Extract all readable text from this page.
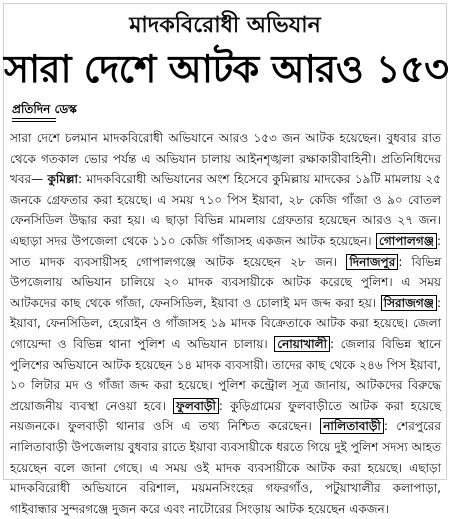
মাদকবিরোধী অভিযান
সারা দেশে আটক আরও ১৫৩
প্রতিদিন ডেস্ক
সারা দেশে চলমান মাদকবিরোধী অভিযানে আরও ১৫৩ জন আটক হয়েছেন। বুধবার রাত থেকে গতকাল ভোর পর্যন্ত এ অভিযান চালায় আইনশৃঙ্খলা রক্ষাকারীবাহিনী। প্রতিনিধিদের খবর— কুমিল্লা: মাদকবিরোধী অভিযানের অংশ হিসেবে কুমিল্লায় মাদকের ১৯টি মামলায় ২৫ জনকে গ্রেফতার করা হয়েছে। এ সময় ৭১০ পিস ইয়াবা, ২৮ কেজি গাঁজা ও ৯০ বোতল ফেনসিডিল উদ্ধার করা হয়। এ ছাড়া বিভিন্ন মামলায় গ্রেফতার হয়েছেন আরও ২৭ জন। এছাড়া সদর উপজেলা থেকে ১১০ কেজি গাঁজাসহ একজন আটক হয়েছেন। গোপালগঞ্জ : সাত মাদক ব্যবসায়ীসহ গোপালগঞ্জে আটক হয়েছেন ২৮ জন। দিনাজপুর : বিভিন্ন উপজেলায় অভিযান চালিয়ে ২০ মাদক ব্যবসায়ীকে আটক করেছে পুলিশ। এ সময় আটকদের কাছ থেকে গাঁজা, ফেনসিডিল, ইয়াবা ও চোলাই মদ জব্দ করা হয়। সিরাজগঞ্জ : ইয়াবা, ফেনসিডিল, হেরোইন ও গাঁজাসহ ১৯ মাদক বিক্রেতাকে আটক করা হয়েছে। জেলা গোয়েন্দা ও বিভিন্ন থানা পুলিশ এ অভিযান চালায়। নোয়াখালী : জেলার বিভিন্ন স্থানে পুলিশের অভিযানে আটক হয়েছেন ১৪ মাদক ব্যবসায়ী। তাদের কাছ থেকে ২৪৬ পিস ইয়াবা, ১০ লিটার মদ ও গাঁজা জব্দ করা হয়েছে। পুলিশ কন্ট্রোল সূত্র জানায়, আটকদের বিরুদ্ধে প্রয়োজনীয় ব্যবস্থা নেওয়া হবে। ফুলবাড়ী : কুড়িগ্রামের ফুলবাড়ীতে আটক করা হয়েছে নয়জনকে। ফুলবাড়ী থানার ওসি এ তথ্য নিশ্চিত করেছেন। নালিতাবাড়ী : শেরপুরের নালিতাবাড়ী উপজেলায় বুধবার রাতে ইয়াবা ব্যবসায়ীকে ধরতে গিয়ে দুই পুলিশ সদস্য আহত হয়েছেন বলে জানা গেছে। এ সময় ওই মাদক ব্যবসায়ীকে আটক করা হয়েছে। এছাড়া মাদকবিরোধী অভিযানে বরিশাল, ময়মনসিংহের গফরগাঁও, পটুয়াখালীর কলাপাড়া, গাইবান্ধার সুন্দরগঞ্জে দুজন করে এবং নাটোরের সিংড়ায় আটক হয়েছেন একজন।
